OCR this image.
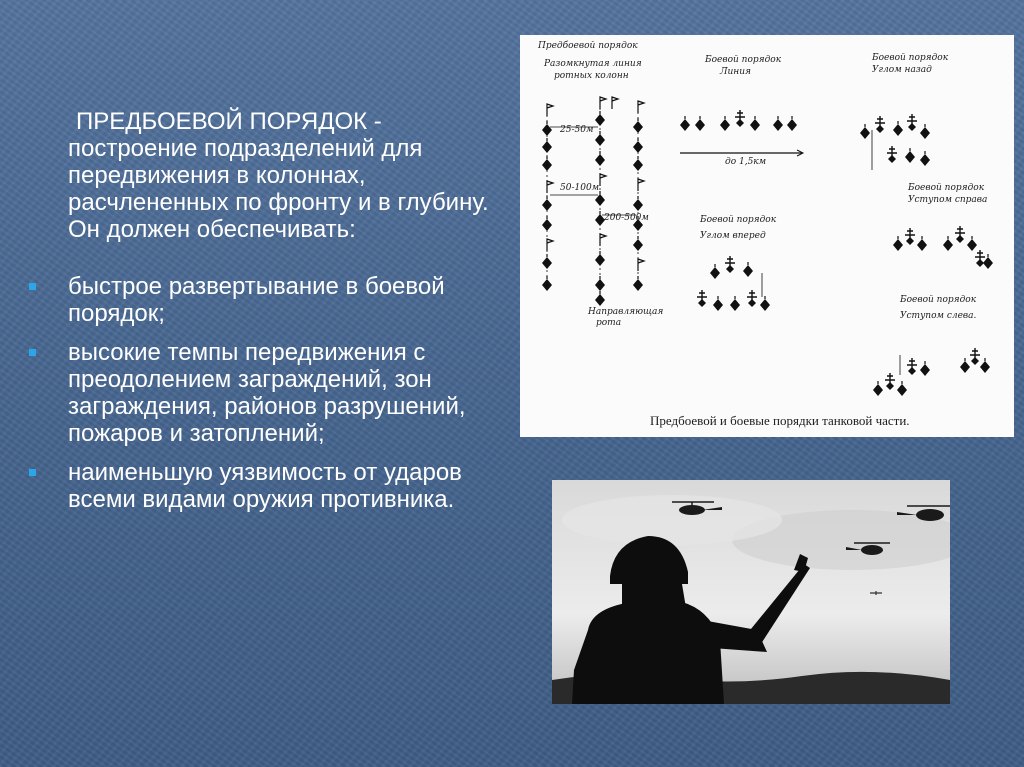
ПРЕДБОЕВОЙ ПОРЯДОК - построение подразделений для передвижения в колоннах, расчлененных по фронту и в глубину. Он должен обеспечивать:

быстрое развертывание в боевой порядок;
высокие темпы передвижения с преодолением заграждений, зон заграждения, районов разрушений, пожаров и затоплений;
наименьшую уязвимость от ударов всеми видами оружия противника.
Предбоевой порядок
Разомкнутая линия
ротных колонн
25-50м
50-100м
200-500м
Направляющая
рота
Боевой порядок
Линия
до 1,5км
Боевой порядок
Углом назад
Боевой порядок
Углом вперед
Боевой порядок
Уступом справа
Боевой порядок
Уступом слева.
Предбоевой и боевые порядки танковой части.
